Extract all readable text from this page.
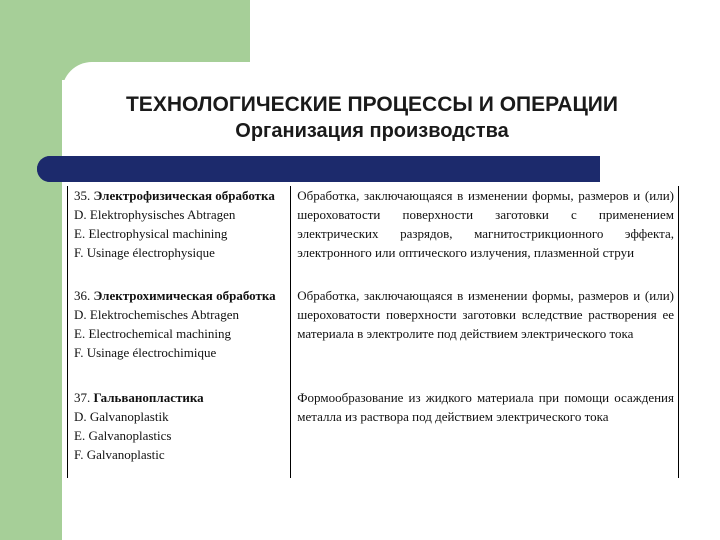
ТЕХНОЛОГИЧЕСКИЕ ПРОЦЕССЫ И ОПЕРАЦИИ
Организация производства
35. Электрофизическая обработка
D. Elektrophysisches Abtragen
E. Electrophysical machining
F. Usinage électrophysique
Обработка, заключающаяся в изменении формы, размеров и (или) шероховатости поверхности заготовки с применением электрических разрядов, магнитострикционного эффекта, электронного или оптического излучения, плазменной струи
36. Электрохимическая обработка
D. Elektrochemisches Abtragen
E. Electrochemical machining
F. Usinage électrochimique
Обработка, заключающаяся в изменении формы, размеров и (или) шероховатости поверхности заготовки вследствие растворения ее материала в электролите под действием электрического тока
37. Гальванопластика
D. Galvanoplastik
E. Galvanoplastics
F. Galvanoplastic
Формообразование из жидкого материала при помощи осаждения металла из раствора под действием электрического тока
